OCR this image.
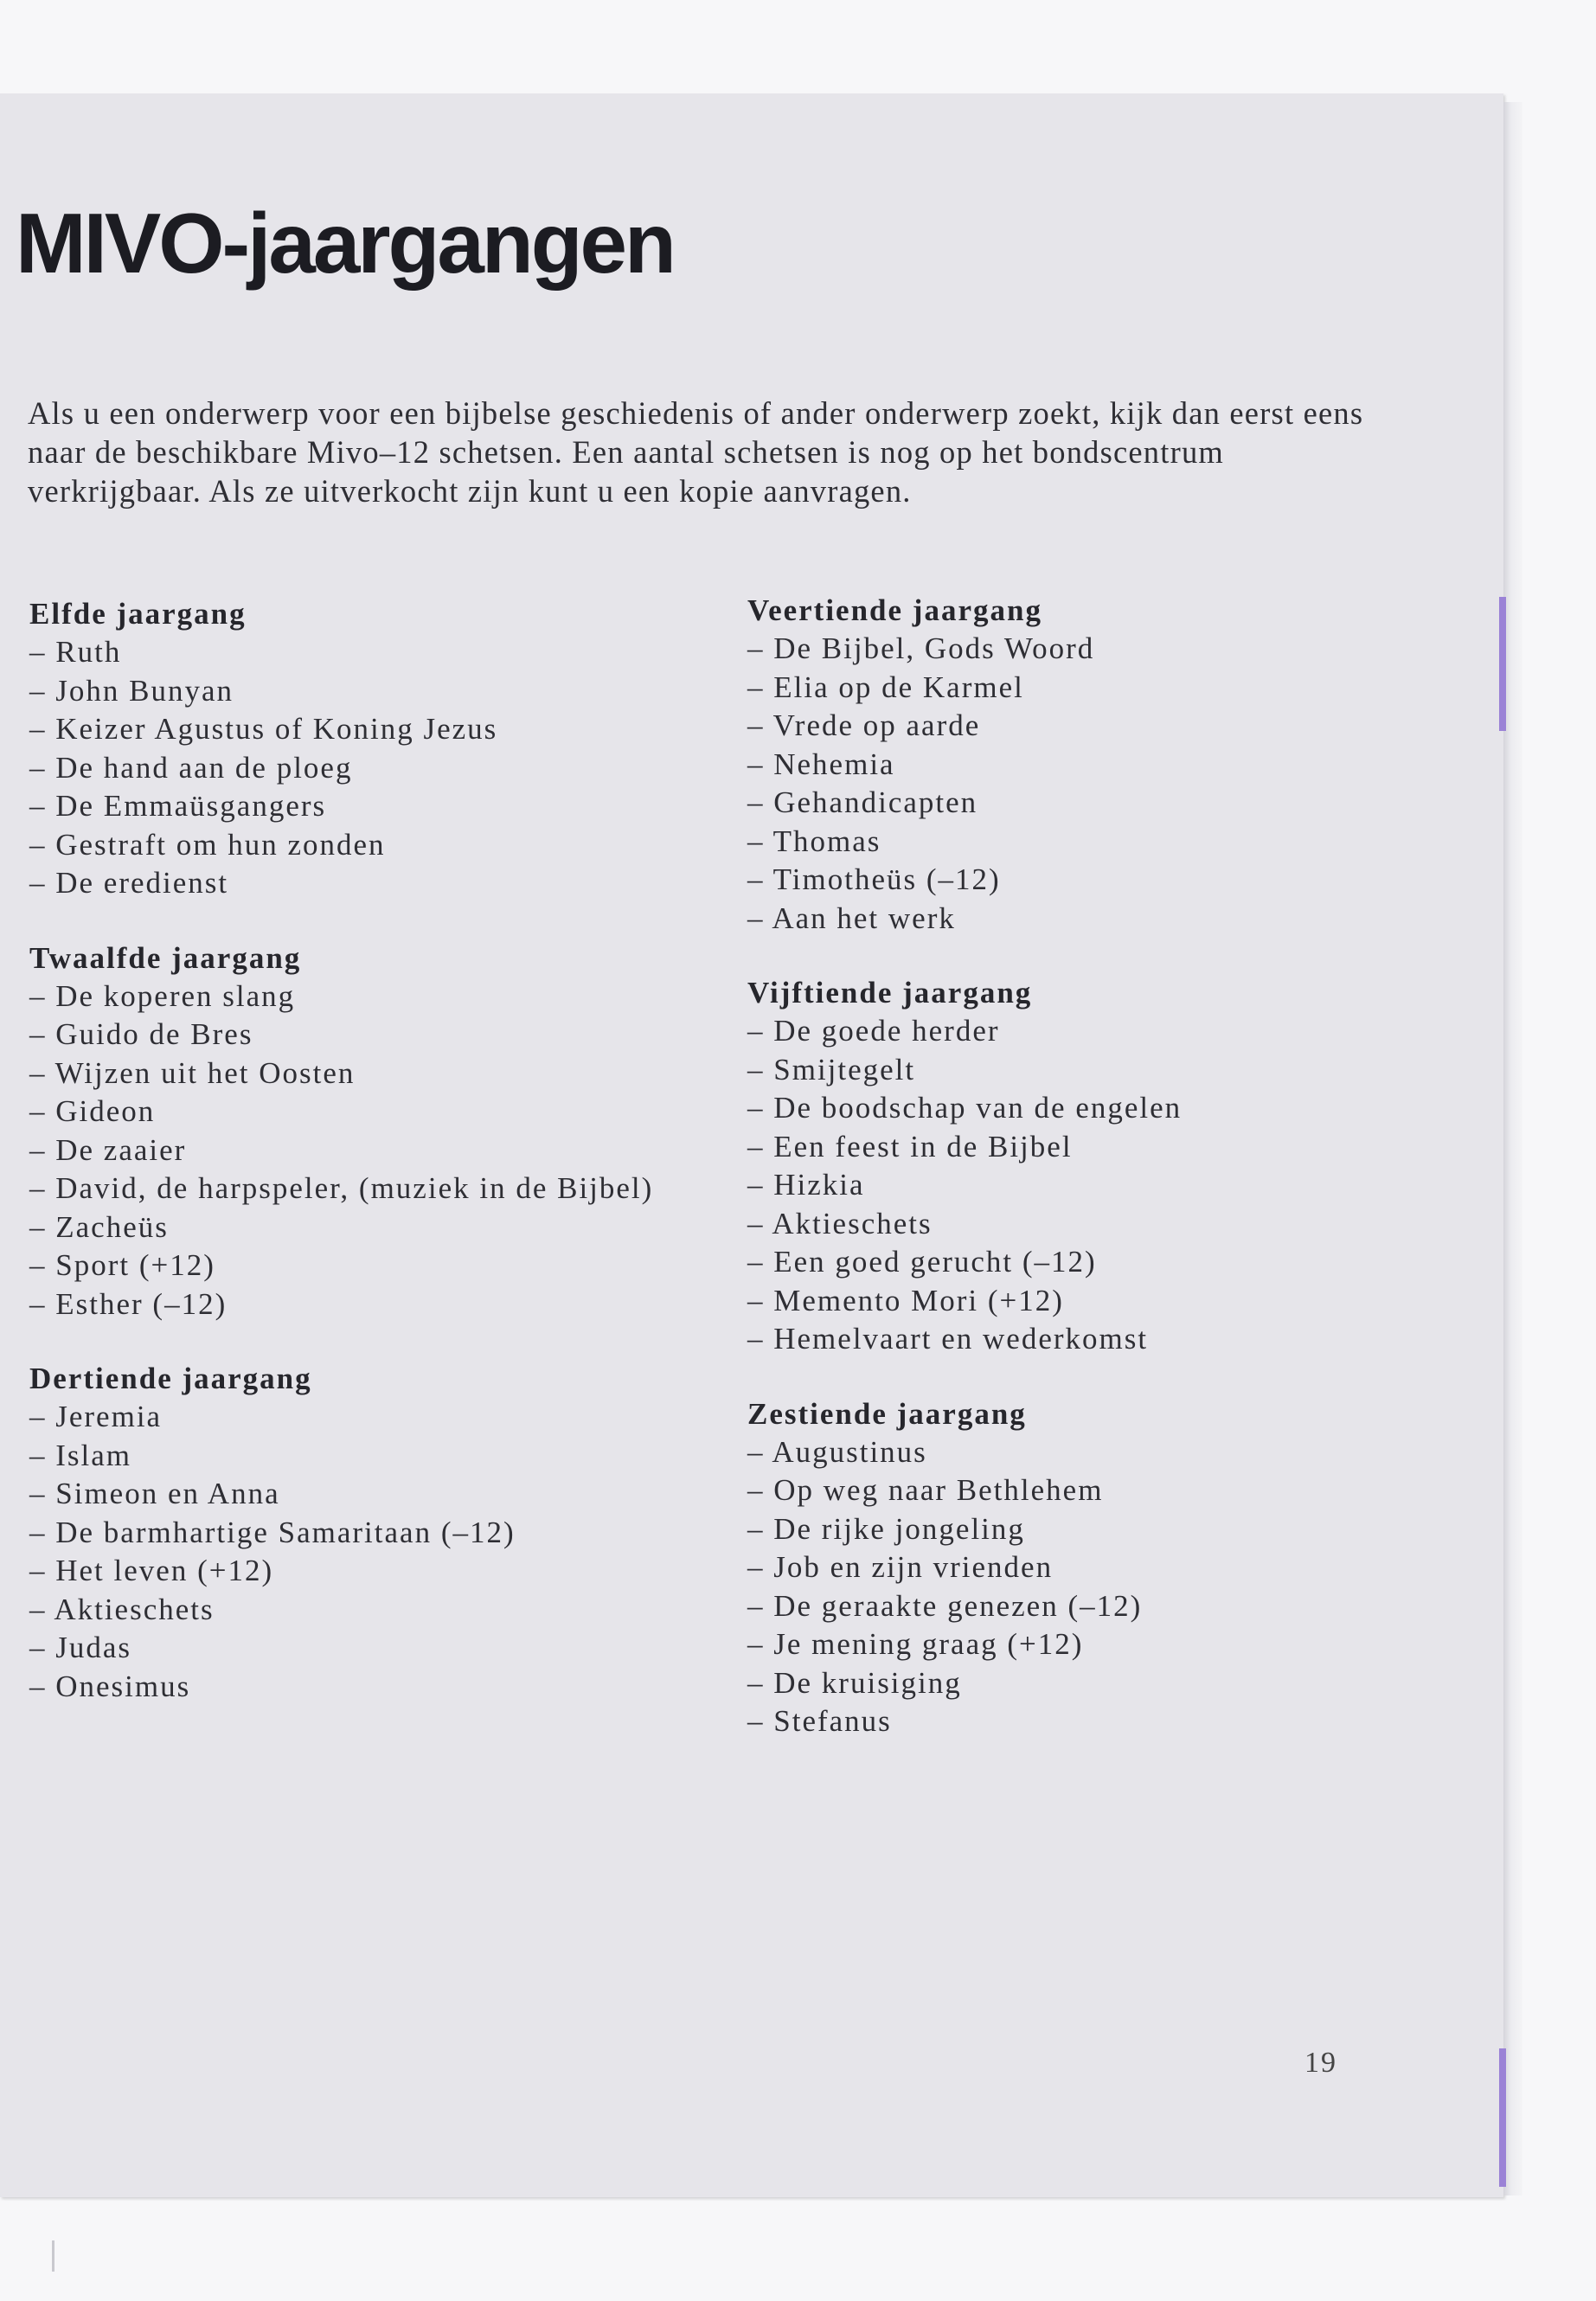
MIVO-jaargangen

Als u een onderwerp voor een bijbelse geschiedenis of ander onderwerp zoekt, kijk dan eerst eens naar de beschikbare Mivo–12 schetsen. Een aantal schetsen is nog op het bondscentrum verkrijgbaar. Als ze uitverkocht zijn kunt u een kopie aanvragen.

Elfde jaargang
– Ruth
– John Bunyan
– Keizer Agustus of Koning Jezus
– De hand aan de ploeg
– De Emmaüsgangers
– Gestraft om hun zonden
– De eredienst
Twaalfde jaargang
– De koperen slang
– Guido de Bres
– Wijzen uit het Oosten
– Gideon
– De zaaier
– David, de harpspeler, (muziek in de Bijbel)
– Zacheüs
– Sport (+12)
– Esther (–12)
Dertiende jaargang
– Jeremia
– Islam
– Simeon en Anna
– De barmhartige Samaritaan (–12)
– Het leven (+12)
– Aktieschets
– Judas
– Onesimus
Veertiende jaargang
– De Bijbel, Gods Woord
– Elia op de Karmel
– Vrede op aarde
– Nehemia
– Gehandicapten
– Thomas
– Timotheüs (–12)
– Aan het werk
Vijftiende jaargang
– De goede herder
– Smijtegelt
– De boodschap van de engelen
– Een feest in de Bijbel
– Hizkia
– Aktieschets
– Een goed gerucht (–12)
– Memento Mori (+12)
– Hemelvaart en wederkomst
Zestiende jaargang
– Augustinus
– Op weg naar Bethlehem
– De rijke jongeling
– Job en zijn vrienden
– De geraakte genezen (–12)
– Je mening graag (+12)
– De kruisiging
– Stefanus
19
